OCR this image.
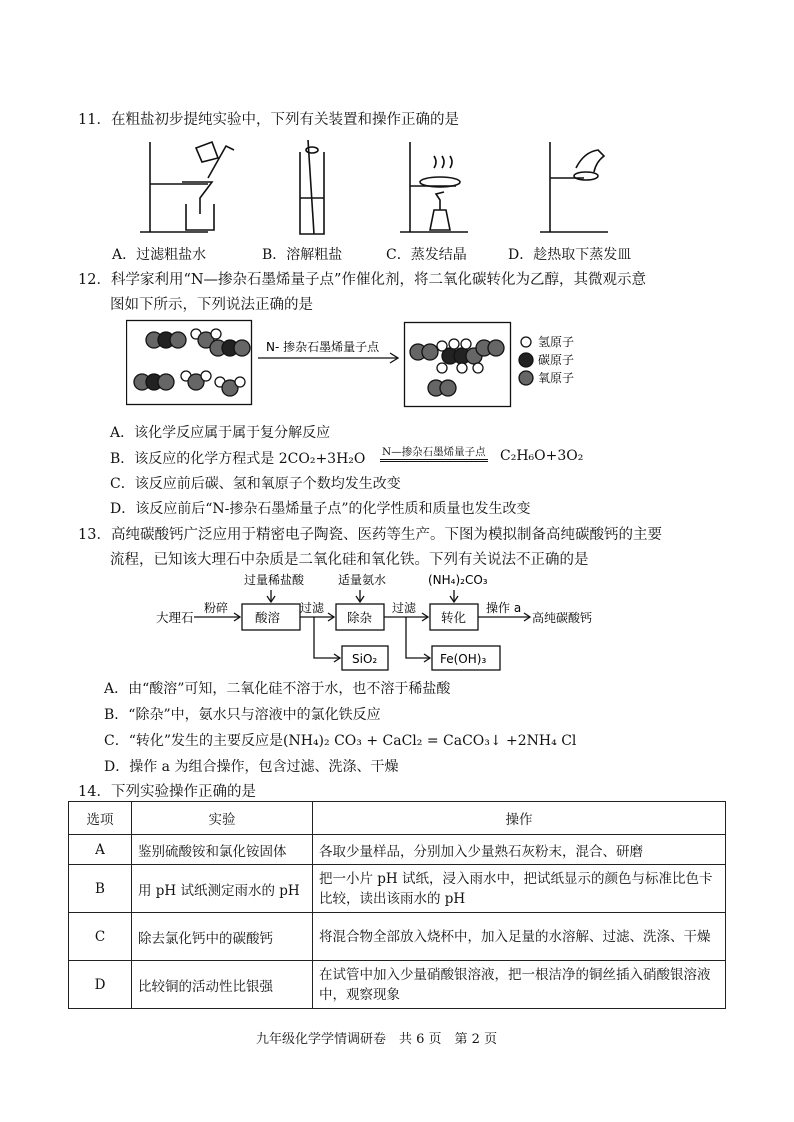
11．在粗盐初步提纯实验中，下列有关装置和操作正确的是
A．过滤粗盐水	B．溶解粗盐	C．蒸发结晶	D．趁热取下蒸发皿
12．科学家利用“N—掺杂石墨烯量子点”作催化剂，将二氧化碳转化为乙醇，其微观示意
图如下所示，下列说法正确的是
N- 掺杂石墨烯量子点	氢原子
碳原子
氧原子
A．该化学反应属于属于复分解反应
B．该反应的化学方程式是 2CO₂+3H₂O N—掺杂石墨烯量子点 C₂H₆O+3O₂
C．该反应前后碳、氢和氧原子个数均发生改变
D．该反应前后“N-掺杂石墨烯量子点”的化学性质和质量也发生改变
13．高纯碳酸钙广泛应用于精密电子陶瓷、医药等生产。下图为模拟制备高纯碳酸钙的主要
流程，已知该大理石中杂质是二氧化硅和氧化铁。下列有关说法不正确的是
过量稀盐酸	适量氨水	(NH₄)₂CO₃
大理石
粉碎
酸溶
过滤
除杂
过滤
转化
操作 a
高纯碳酸钙
SiO₂	Fe(OH)₃
A．由“酸溶”可知，二氧化硅不溶于水，也不溶于稀盐酸
B．“除杂”中，氨水只与溶液中的氯化铁反应
C．“转化”发生的主要反应是(NH₄)₂ CO₃ + CaCl₂ = CaCO₃↓ +2NH₄ Cl
D．操作 a 为组合操作，包含过滤、洗涤、干燥
14．下列实验操作正确的是
选项	实验	操作
A	鉴别硫酸铵和氯化铵固体	各取少量样品，分别加入少量熟石灰粉末，混合、研磨
B	用 pH 试纸测定雨水的 pH	把一小片 pH 试纸，浸入雨水中，把试纸显示的颜色与标准比色卡比较，读出该雨水的 pH
C	除去氯化钙中的碳酸钙	将混合物全部放入烧杯中，加入足量的水溶解、过滤、洗涤、干燥
D	比较铜的活动性比银强	在试管中加入少量硝酸银溶液，把一根洁净的铜丝插入硝酸银溶液中，观察现象
九年级化学学情调研卷　共 6 页　第 2 页
